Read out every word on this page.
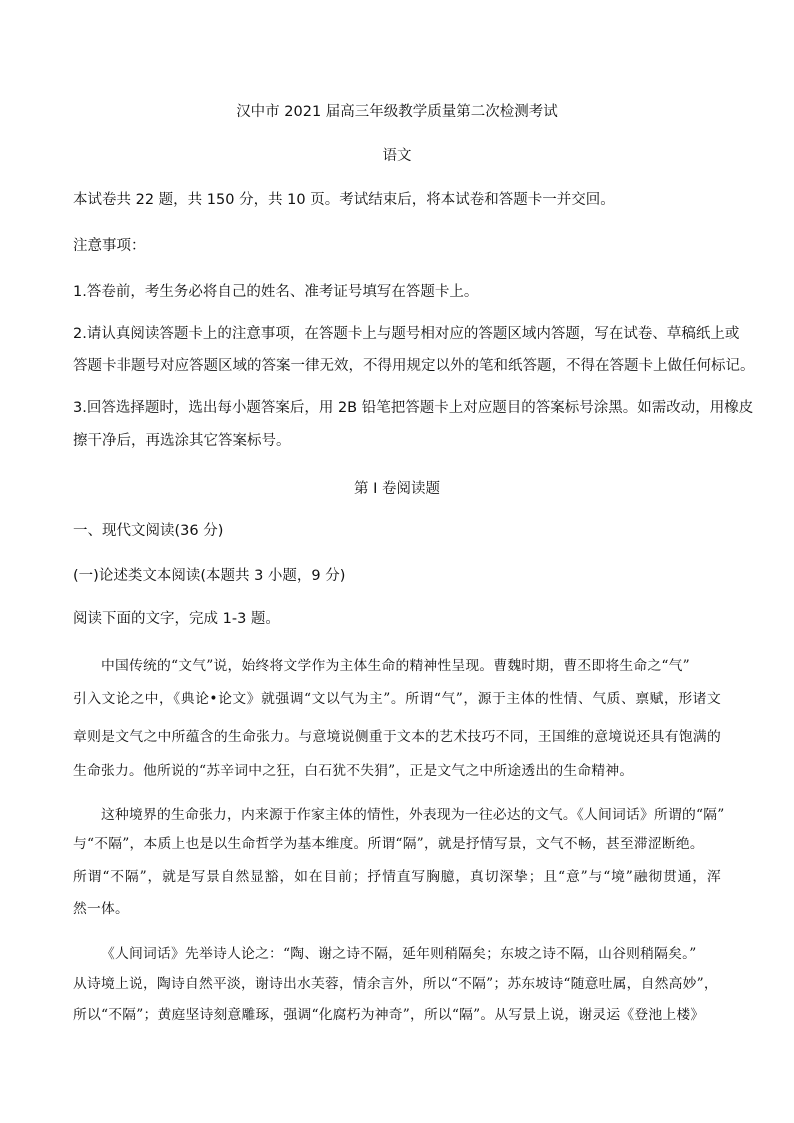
汉中市 2021 届高三年级教学质量第二次检测考试
语文
本试卷共 22 题，共 150 分，共 10 页。考试结束后，将本试卷和答题卡一并交回。
注意事项：
1.答卷前，考生务必将自己的姓名、准考证号填写在答题卡上。
2.请认真阅读答题卡上的注意事项，在答题卡上与题号相对应的答题区域内答题，写在试卷、草稿纸上或
答题卡非题号对应答题区域的答案一律无效，不得用规定以外的笔和纸答题，不得在答题卡上做任何标记。
3.回答选择题时，选出每小题答案后，用 2B 铅笔把答题卡上对应题目的答案标号涂黑。如需改动，用橡皮
擦干净后，再选涂其它答案标号。
第 I 卷阅读题
一、现代文阅读(36 分)
(一)论述类文本阅读(本题共 3 小题，9 分)
阅读下面的文字，完成 1-3 题。
中国传统的“文气”说，始终将文学作为主体生命的精神性呈现。曹魏时期，曹丕即将生命之“气”
引入文论之中，《典论•论文》就强调“文以气为主”。所谓“气”，源于主体的性情、气质、禀赋，形诸文
章则是文气之中所蕴含的生命张力。与意境说侧重于文本的艺术技巧不同，王国维的意境说还具有饱满的
生命张力。他所说的“苏辛词中之狂，白石犹不失狷”，正是文气之中所途透出的生命精神。
这种境界的生命张力，内来源于作家主体的情性，外表现为一往必达的文气。《人间词话》所谓的“隔”
与“不隔”，本质上也是以生命哲学为基本维度。所谓“隔”，就是抒情写景，文气不畅，甚至滞涩断绝。
所谓“不隔”，就是写景自然显豁，如在目前；抒情直写胸臆，真切深挚；且“意”与“境”融彻贯通，浑
然一体。
《人间词话》先举诗人论之：“陶、谢之诗不隔，延年则稍隔矣；东坡之诗不隔，山谷则稍隔矣。”
从诗境上说，陶诗自然平淡，谢诗出水芙蓉，情余言外，所以“不隔”；苏东坡诗“随意吐属，自然高妙”，
所以“不隔”；黄庭坚诗刻意雕琢，强调“化腐朽为神奇”，所以“隔”。从写景上说，谢灵运《登池上楼》
